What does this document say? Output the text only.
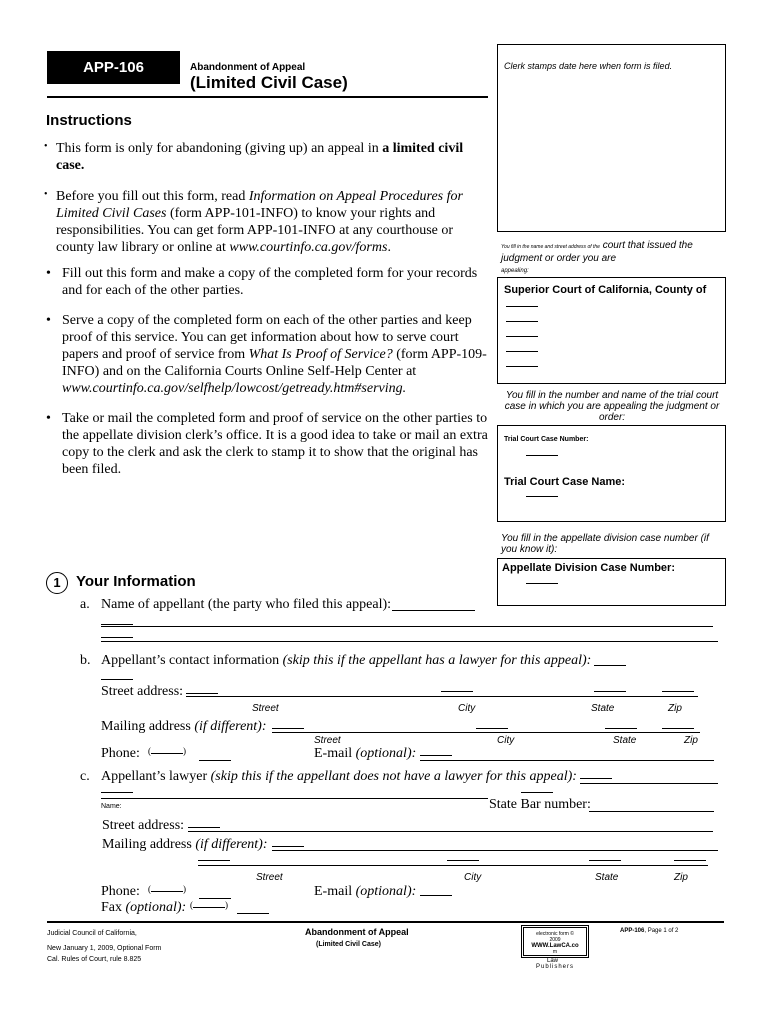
APP-106	Abandonment of Appeal
(Limited Civil Case)
Clerk stamps date here when form is filed.
You fill in the name and street address of the court that issued the judgment or order you are
appealing:
Superior Court of California, County of
You fill in the number and name of the trial court case in which you are appealing the judgment or order:
Trial Court Case Number:
Trial Court Case Name:
You fill in the appellate division case number (if you know it):
Appellate Division Case Number:
Instructions
• This form is only for abandoning (giving up) an appeal in a limited civil case.

• Before you fill out this form, read Information on Appeal Procedures for Limited Civil Cases (form APP-101-INFO) to know your rights and responsibilities. You can get form APP-101-INFO at any courthouse or county law library or online at www.courtinfo.ca.gov/forms.

• Fill out this form and make a copy of the completed form for your records and for each of the other parties.

• Serve a copy of the completed form on each of the other parties and keep proof of this service. You can get information about how to serve court papers and proof of service from What Is Proof of Service? (form APP-109-INFO) and on the California Courts Online Self-Help Center at www.courtinfo.ca.gov/selfhelp/lowcost/getready.htm#serving.

• Take or mail the completed form and proof of service on the other parties to the appellate division clerk’s office. It is a good idea to take or mail an extra copy to the clerk and ask the clerk to stamp it to show that the original has been filed.

1	Your Information
a. Name of appellant (the party who filed this appeal):
b. Appellant’s contact information (skip this if the appellant has a lawyer for this appeal):
Street address:
Street	City	State	Zip
Mailing address (if different):
Street	City	State	Zip
Phone: (	)	E-mail (optional):
c. Appellant’s lawyer (skip this if the appellant does not have a lawyer for this appeal):
Name:	State Bar number:
Street address:
Mailing address (if different):
Street	City	State	Zip
Phone: (	)	E-mail (optional):
Fax (optional): (	)
Judicial Council of California,
New January 1, 2009, Optional Form
Cal. Rules of Court, rule 8.825
Abandonment of Appeal
(Limited Civil Case)
electronic form ©
2009
WWW.LawCA.co
m
Law
Publishers
APP-106, Page 1 of 2
